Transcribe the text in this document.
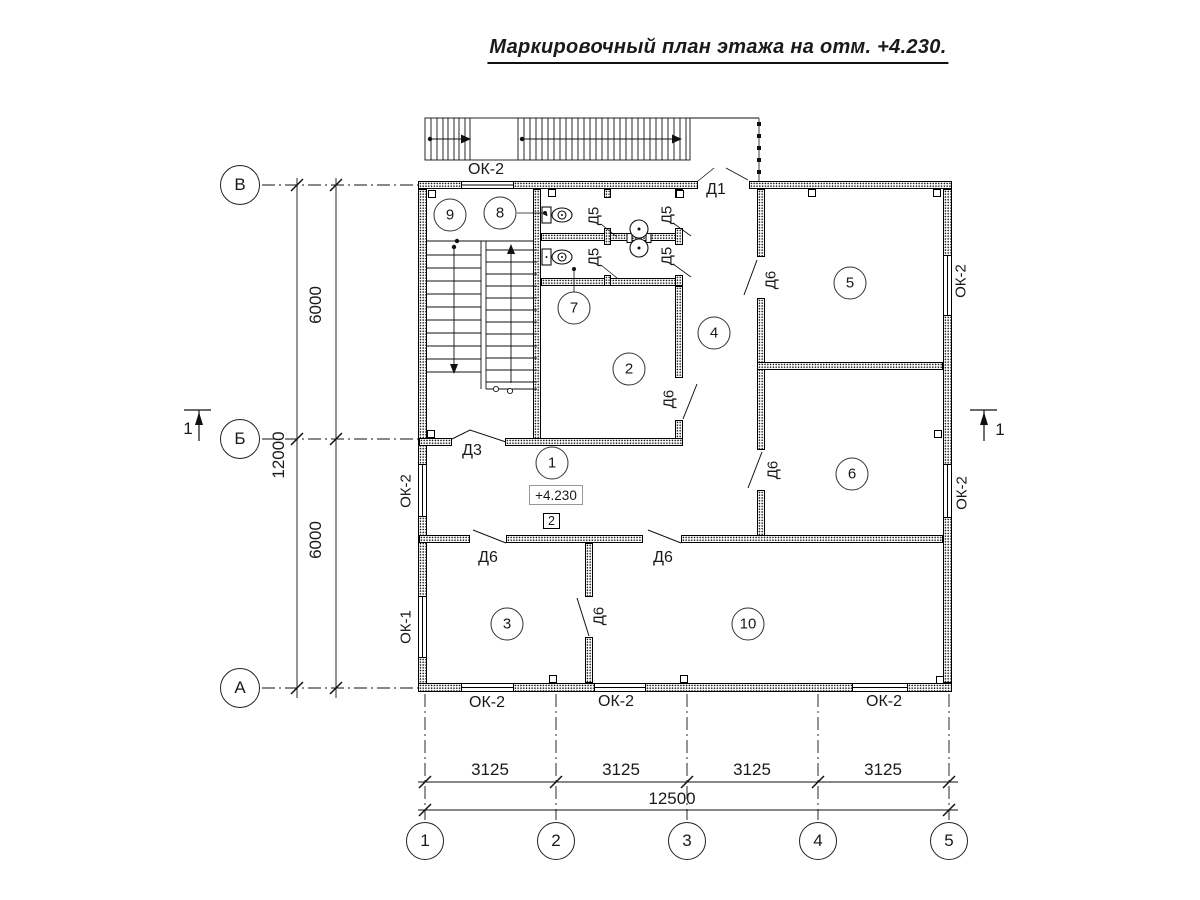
Маркировочный план этажа на отм. +4.230.
В
Б
А
1	2	3	4	5
1
2
3
4
5
6
7
8
9
10
+4.230
2
ОК-2
ОК-2
ОК-1
ОК-2
ОК-2
ОК-2	ОК-2	ОК-2
Д1
Д3
Д5	Д5
Д5	Д5
Д6
Д6
Д6
Д6	Д6
Д6
6000
12000
6000
3125	3125	3125	3125
12500
1	1
